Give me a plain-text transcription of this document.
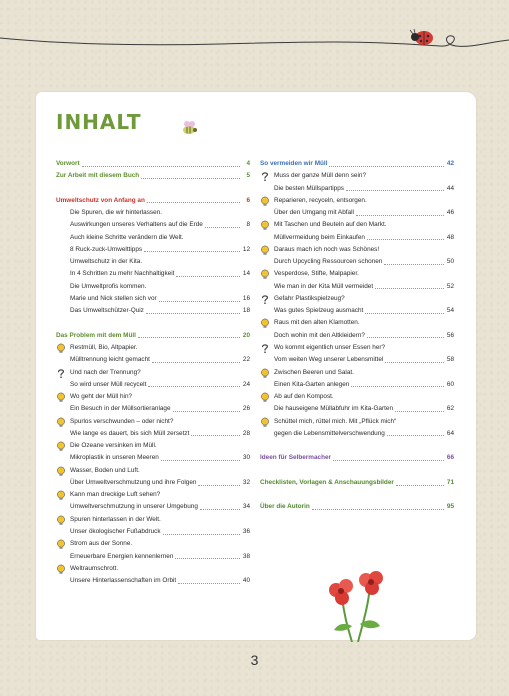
INHALT
Vorwort	4
Zur Arbeit mit diesem Buch	5
Umweltschutz von Anfang an	6
Die Spuren, die wir hinterlassen.
Auswirkungen unseres Verhaltens auf die Erde	8
Auch kleine Schritte verändern die Welt.
8 Ruck-zuck-Umwelttipps	12
Umweltschutz in der Kita.
In 4 Schritten zu mehr Nachhaltigkeit	14
Die Umweltprofis kommen.
Marie und Nick stellen sich vor	16
Das Umweltschützer-Quiz	18
Das Problem mit dem Müll	20
Restmüll, Bio, Altpapier.
Mülltrennung leicht gemacht	22
Und nach der Trennung?
So wird unser Müll recycelt	24
Wo geht der Müll hin?
Ein Besuch in der Müllsortieranlage	26
Spurlos verschwunden – oder nicht?
Wie lange es dauert, bis sich Müll zersetzt	28
Die Ozeane versinken im Müll.
Mikroplastik in unseren Meeren	30
Wasser, Boden und Luft.
Über Umweltverschmutzung und ihre Folgen	32
Kann man dreckige Luft sehen?
Umweltverschmutzung in unserer Umgebung	34
Spuren hinterlassen in der Welt.
Unser ökologischer Fußabdruck	36
Strom aus der Sonne.
Erneuerbare Energien kennenlernen	38
Weltraumschrott.
Unsere Hinterlassenschaften im Orbit	40
So vermeiden wir Müll	42
Muss der ganze Müll denn sein?
Die besten Müllspartipps	44
Reparieren, recyceln, entsorgen.
Über den Umgang mit Abfall	46
Mit Taschen und Beuteln auf den Markt.
Müllvermeidung beim Einkaufen	48
Daraus mach ich noch was Schönes!
Durch Upcycling Ressourcen schonen	50
Vesperdose, Stifte, Malpapier.
Wie man in der Kita Müll vermeidet	52
Gefahr Plastikspielzeug?
Was gutes Spielzeug ausmacht	54
Raus mit den alten Klamotten.
Doch wohin mit den Altkleidern?	56
Wo kommt eigentlich unser Essen her?
Vom weiten Weg unserer Lebensmittel	58
Zwischen Beeren und Salat.
Einen Kita-Garten anlegen	60
Ab auf den Kompost.
Die hauseigene Müllabfuhr im Kita-Garten	62
Schüttel mich, rüttel mich. Mit „Pflück mich“
gegen die Lebensmittelverschwendung	64
Ideen für Selbermacher	66
Checklisten, Vorlagen & Anschauungsbilder	71
Über die Autorin	95
3
